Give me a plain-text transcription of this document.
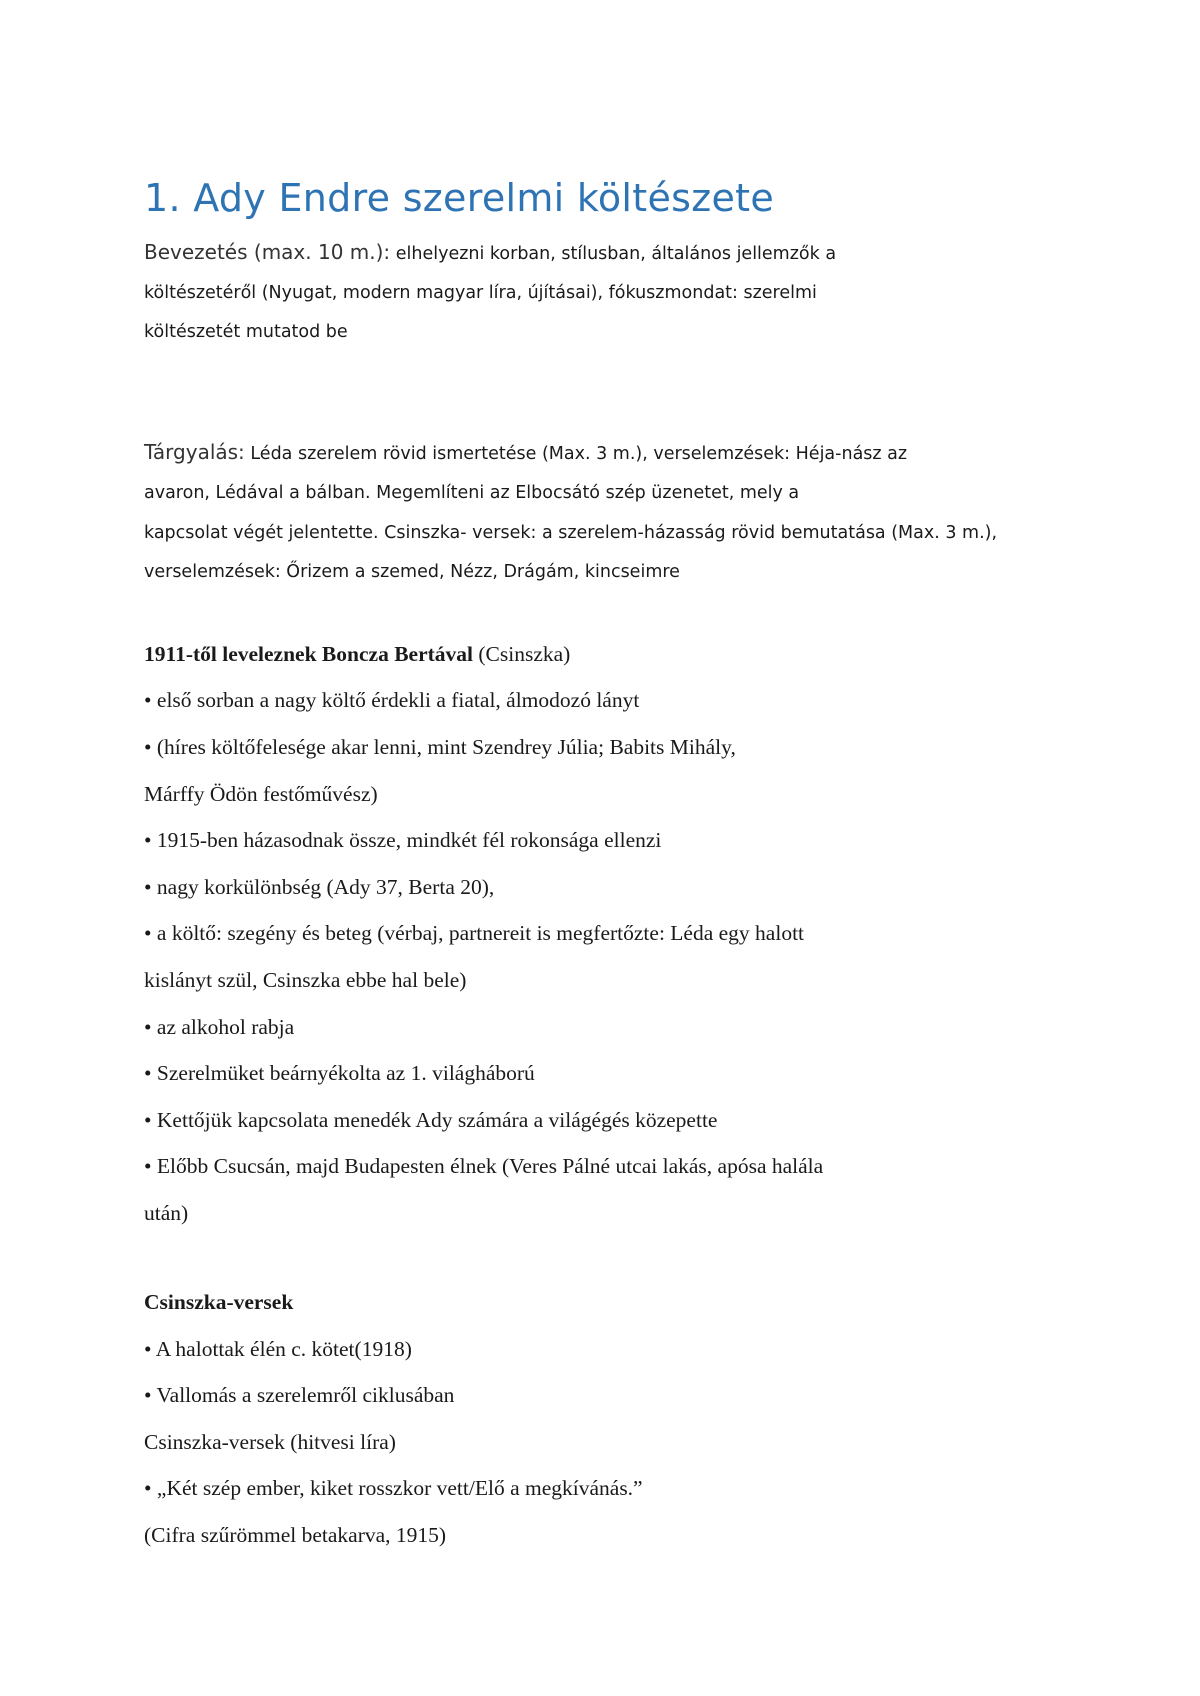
1. Ady Endre szerelmi költészete
Bevezetés (max. 10 m.): elhelyezni korban, stílusban, általános jellemzők a
költészetéről (Nyugat, modern magyar líra, újításai), fókuszmondat: szerelmi
költészetét mutatod be
Tárgyalás: Léda szerelem rövid ismertetése (Max. 3 m.), verselemzések: Héja-nász az
avaron, Lédával a bálban. Megemlíteni az Elbocsátó szép üzenetet, mely a
kapcsolat végét jelentette. Csinszka- versek: a szerelem-házasság rövid bemutatása (Max. 3 m.),
verselemzések: Őrizem a szemed, Nézz, Drágám, kincseimre
1911-től leveleznek Boncza Bertával (Csinszka)
• első sorban a nagy költő érdekli a fiatal, álmodozó lányt
• (híres költőfelesége akar lenni, mint Szendrey Júlia; Babits Mihály,
Márffy Ödön festőművész)
• 1915-ben házasodnak össze, mindkét fél rokonsága ellenzi
• nagy korkülönbség (Ady 37, Berta 20),
• a költő: szegény és beteg (vérbaj, partnereit is megfertőzte: Léda egy halott
kislányt szül, Csinszka ebbe hal bele)
• az alkohol rabja
• Szerelmüket beárnyékolta az 1. világháború
• Kettőjük kapcsolata menedék Ady számára a világégés közepette
• Előbb Csucsán, majd Budapesten élnek (Veres Pálné utcai lakás, apósa halála
után)
Csinszka-versek
• A halottak élén c. kötet(1918)
• Vallomás a szerelemről ciklusában
Csinszka-versek (hitvesi líra)
• „Két szép ember, kiket rosszkor vett/Elő a megkívánás.”
(Cifra szűrömmel betakarva, 1915)
